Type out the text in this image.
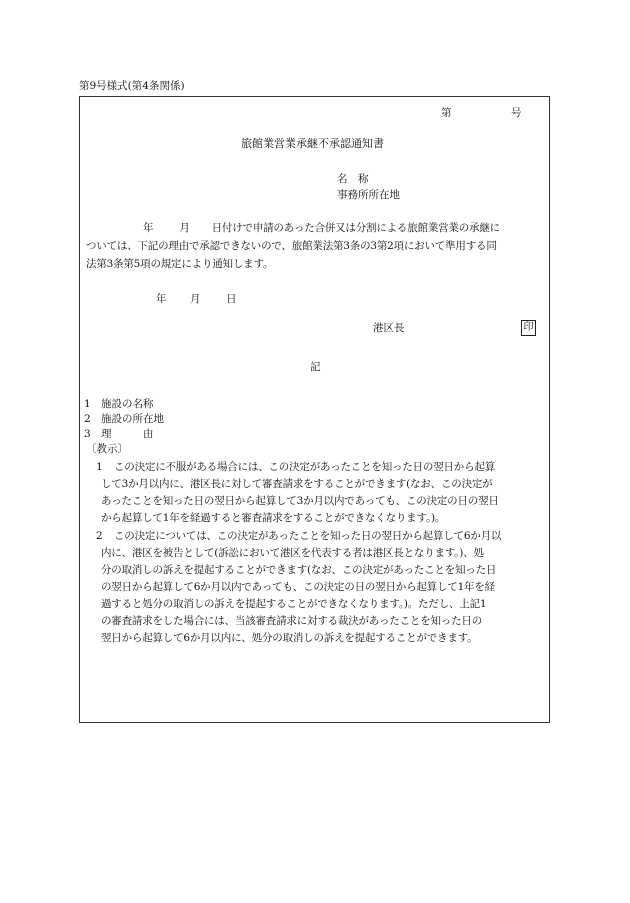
第9号様式(第4条関係)
第	号
旅館業営業承継不承認通知書
名　称
事務所所在地
年 月 日付けで申請のあった合併又は分割による旅館業営業の承継に
ついては、下記の理由で承認できないので、旅館業法第3条の3第2項において準用する同
法第3条第5項の規定により通知します。
年 月 日
港区長	印
記
1 施設の名称
2 施設の所在地
3 理　　　由
〔教示〕
1	この決定に不服がある場合には、この決定があったことを知った日の翌日から起算
して3か月以内に、港区長に対して審査請求をすることができます(なお、この決定が
あったことを知った日の翌日から起算して3か月以内であっても、この決定の日の翌日
から起算して1年を経過すると審査請求をすることができなくなります。)。
2	この決定については、この決定があったことを知った日の翌日から起算して6か月以
内に、港区を被告として(訴訟において港区を代表する者は港区長となります。)、処
分の取消しの訴えを提起することができます(なお、この決定があったことを知った日
の翌日から起算して6か月以内であっても、この決定の日の翌日から起算して1年を経
過すると処分の取消しの訴えを提起することができなくなります。)。ただし、上記1
の審査請求をした場合には、当該審査請求に対する裁決があったことを知った日の
翌日から起算して6か月以内に、処分の取消しの訴えを提起することができます。
